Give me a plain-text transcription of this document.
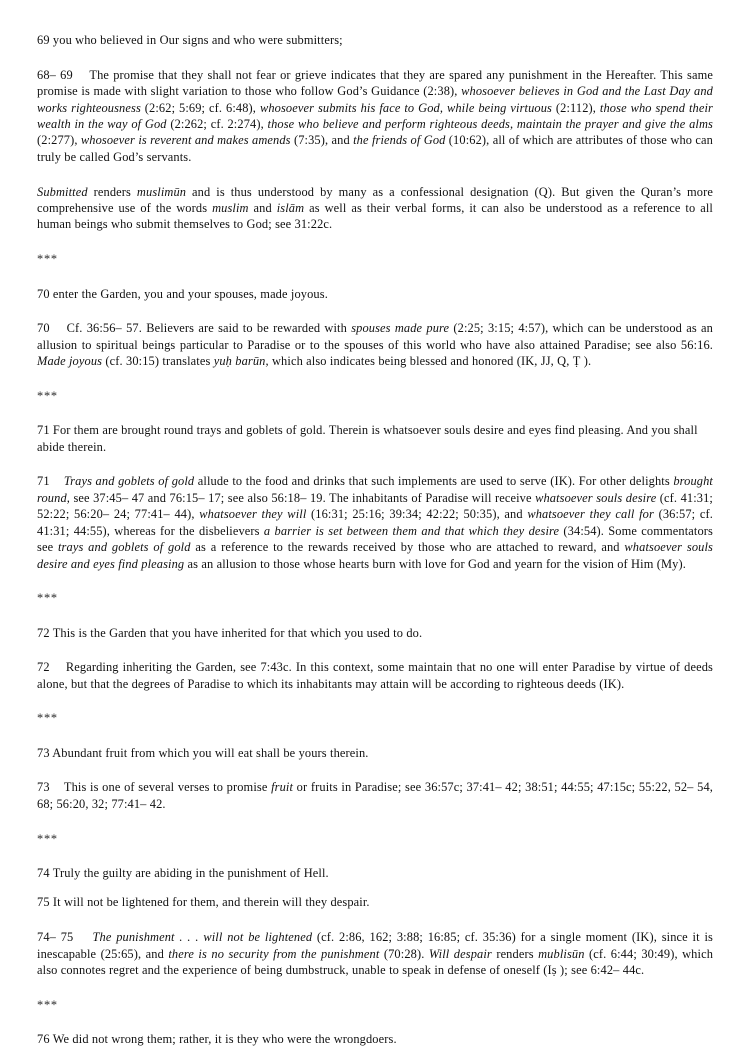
69 you who believed in Our signs and who were submitters;

68– 69 The promise that they shall not fear or grieve indicates that they are spared any punishment in the Hereafter. This same promise is made with slight variation to those who follow God’s Guidance (2:38), whosoever believes in God and the Last Day and works righteousness (2:62; 5:69; cf. 6:48), whosoever submits his face to God, while being virtuous (2:112), those who spend their wealth in the way of God (2:262; cf. 2:274), those who believe and perform righteous deeds, maintain the prayer and give the alms (2:277), whosoever is reverent and makes amends (7:35), and the friends of God (10:62), all of which are attributes of those who can truly be called God’s servants.

Submitted renders muslimūn and is thus understood by many as a confessional designation (Q). But given the Quran’s more comprehensive use of the words muslim and islām as well as their verbal forms, it can also be understood as a reference to all human beings who submit themselves to God; see 31:22c.

***

70 enter the Garden, you and your spouses, made joyous.

70 Cf. 36:56– 57. Believers are said to be rewarded with spouses made pure (2:25; 3:15; 4:57), which can be understood as an allusion to spiritual beings particular to Paradise or to the spouses of this world who have also attained Paradise; see also 56:16. Made joyous (cf. 30:15) translates yuḥ barūn, which also indicates being blessed and honored (IK, JJ, Q, Ṭ ).

***

71 For them are brought round trays and goblets of gold. Therein is whatsoever souls desire and eyes find pleasing. And you shall abide therein.

71 Trays and goblets of gold allude to the food and drinks that such implements are used to serve (IK). For other delights brought round, see 37:45– 47 and 76:15– 17; see also 56:18– 19. The inhabitants of Paradise will receive whatsoever souls desire (cf. 41:31; 52:22; 56:20– 24; 77:41– 44), whatsoever they will (16:31; 25:16; 39:34; 42:22; 50:35), and whatsoever they call for (36:57; cf. 41:31; 44:55), whereas for the disbelievers a barrier is set between them and that which they desire (34:54). Some commentators see trays and goblets of gold as a reference to the rewards received by those who are attached to reward, and whatsoever souls desire and eyes find pleasing as an allusion to those whose hearts burn with love for God and yearn for the vision of Him (My).

***

72 This is the Garden that you have inherited for that which you used to do.

72 Regarding inheriting the Garden, see 7:43c. In this context, some maintain that no one will enter Paradise by virtue of deeds alone, but that the degrees of Paradise to which its inhabitants may attain will be according to righteous deeds (IK).

***

73 Abundant fruit from which you will eat shall be yours therein.

73 This is one of several verses to promise fruit or fruits in Paradise; see 36:57c; 37:41– 42; 38:51; 44:55; 47:15c; 55:22, 52– 54, 68; 56:20, 32; 77:41– 42.

***

74 Truly the guilty are abiding in the punishment of Hell.

75 It will not be lightened for them, and therein will they despair.

74– 75 The punishment . . . will not be lightened (cf. 2:86, 162; 3:88; 16:85; cf. 35:36) for a single moment (IK), since it is inescapable (25:65), and there is no security from the punishment (70:28). Will despair renders mublisūn (cf. 6:44; 30:49), which also connotes regret and the experience of being dumbstruck, unable to speak in defense of oneself (Iṣ ); see 6:42– 44c.

***

76 We did not wrong them; rather, it is they who were the wrongdoers.
